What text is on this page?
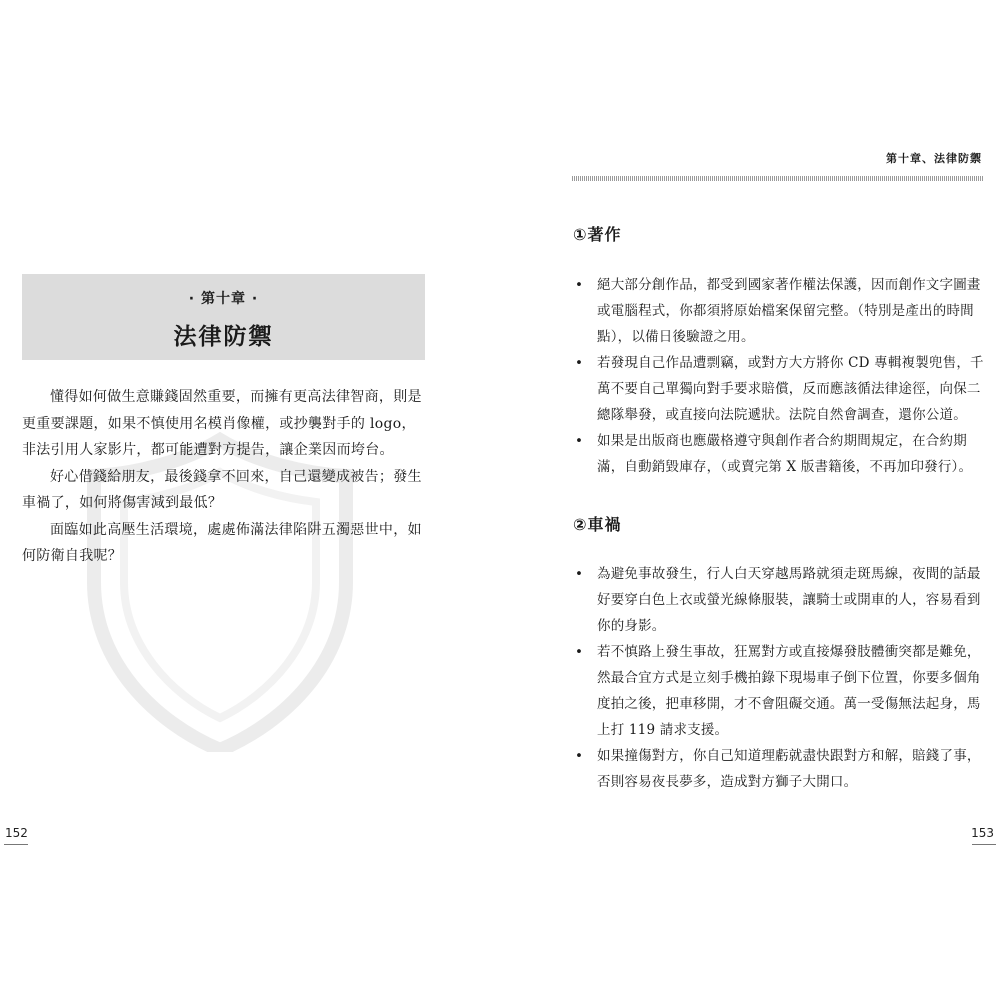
· 第十章 ·
法律防禦

懂得如何做生意賺錢固然重要，而擁有更高法律智商，則是更重要課題，如果不慎使用名模肖像權，或抄襲對手的 logo，非法引用人家影片，都可能遭對方提告，讓企業因而垮台。

好心借錢給朋友，最後錢拿不回來，自己還變成被告；發生車禍了，如何將傷害減到最低？

面臨如此高壓生活環境，處處佈滿法律陷阱五濁惡世中，如何防衛自我呢？

152
第十章、法律防禦
①著作
• 絕大部分創作品，都受到國家著作權法保護，因而創作文字圖畫或電腦程式，你都須將原始檔案保留完整。（特別是產出的時間點），以備日後驗證之用。
• 若發現自己作品遭剽竊，或對方大方將你 CD 專輯複製兜售，千萬不要自己單獨向對手要求賠償，反而應該循法律途徑，向保二總隊舉發，或直接向法院遞狀。法院自然會調查，還你公道。
• 如果是出版商也應嚴格遵守與創作者合約期間規定，在合約期滿，自動銷毀庫存，（或賣完第 X 版書籍後，不再加印發行）。
②車禍
• 為避免事故發生，行人白天穿越馬路就須走斑馬線，夜間的話最好要穿白色上衣或螢光線條服裝，讓騎士或開車的人，容易看到你的身影。
• 若不慎路上發生事故，狂罵對方或直接爆發肢體衝突都是難免，然最合宜方式是立刻手機拍錄下現場車子倒下位置，你要多個角度拍之後，把車移開，才不會阻礙交通。萬一受傷無法起身，馬上打 119 請求支援。
• 如果撞傷對方，你自己知道理虧就盡快跟對方和解，賠錢了事，否則容易夜長夢多，造成對方獅子大開口。
153
